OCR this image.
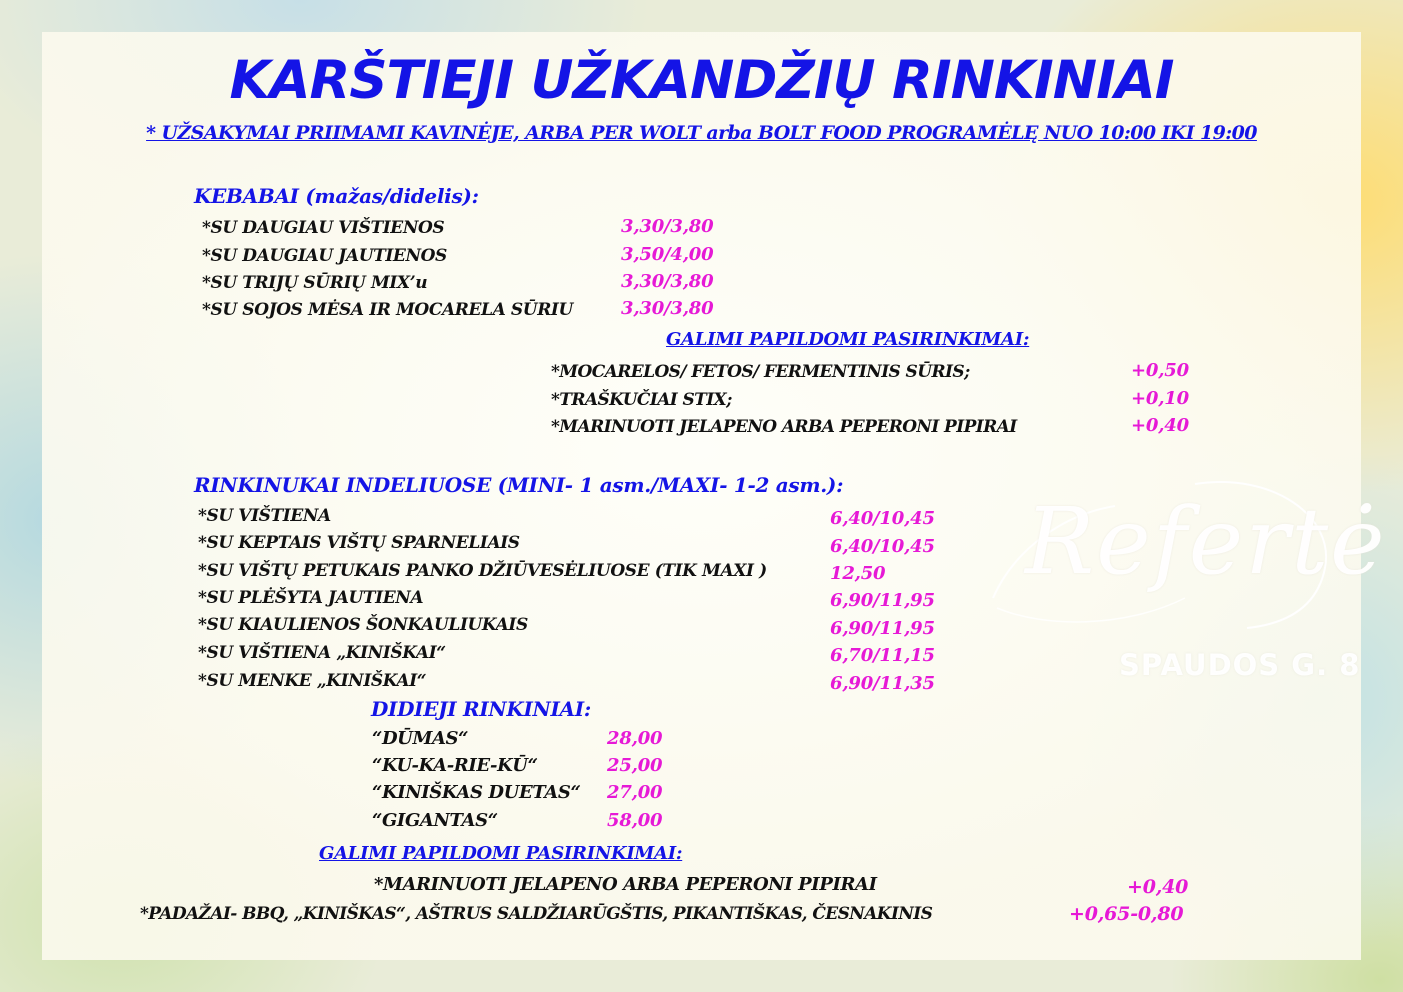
KARŠTIEJI UŽKANDŽIŲ RINKINIAI
* UŽSAKYMAI PRIIMAMI KAVINĖJE, ARBA PER WOLT arba BOLT FOOD PROGRAMĖLĘ NUO 10:00 IKI 19:00
KEBABAI (mažas/didelis):
*SU DAUGIAU VIŠTIENOS	3,30/3,80
*SU DAUGIAU JAUTIENOS	3,50/4,00
*SU TRIJŲ SŪRIŲ MIX’u	3,30/3,80
*SU SOJOS MĖSA IR MOCARELA SŪRIU	3,30/3,80
GALIMI PAPILDOMI PASIRINKIMAI:
*MOCARELOS/ FETOS/ FERMENTINIS SŪRIS;	+0,50
*TRAŠKUČIAI STIX;	+0,10
*MARINUOTI JELAPENO ARBA PEPERONI PIPIRAI	+0,40
RINKINUKAI INDELIUOSE (MINI- 1 asm./MAXI- 1-2 asm.):
*SU VIŠTIENA	6,40/10,45
*SU KEPTAIS VIŠTŲ SPARNELIAIS	6,40/10,45
*SU VIŠTŲ PETUKAIS PANKO DŽIŪVESĖLIUOSE (TIK MAXI )	12,50
*SU PLĖŠYTA JAUTIENA	6,90/11,95
*SU KIAULIENOS ŠONKAULIUKAIS	6,90/11,95
*SU VIŠTIENA „KINIŠKAI“	6,70/11,15
*SU MENKE „KINIŠKAI“	6,90/11,35
DIDIEJI RINKINIAI:
“DŪMAS“	28,00
“KU-KA-RIE-KŪ“	25,00
“KINIŠKAS DUETAS“ 27,00
“GIGANTAS“	58,00
GALIMI PAPILDOMI PASIRINKIMAI:
*MARINUOTI JELAPENO ARBA PEPERONI PIPIRAI	+0,40
*PADAŽAI- BBQ, „KINIŠKAS“, AŠTRUS SALDŽIARŪGŠTIS, PIKANTIŠKAS, ČESNAKINIS	+0,65-0,80
Refertė
SPAUDOS G. 8
